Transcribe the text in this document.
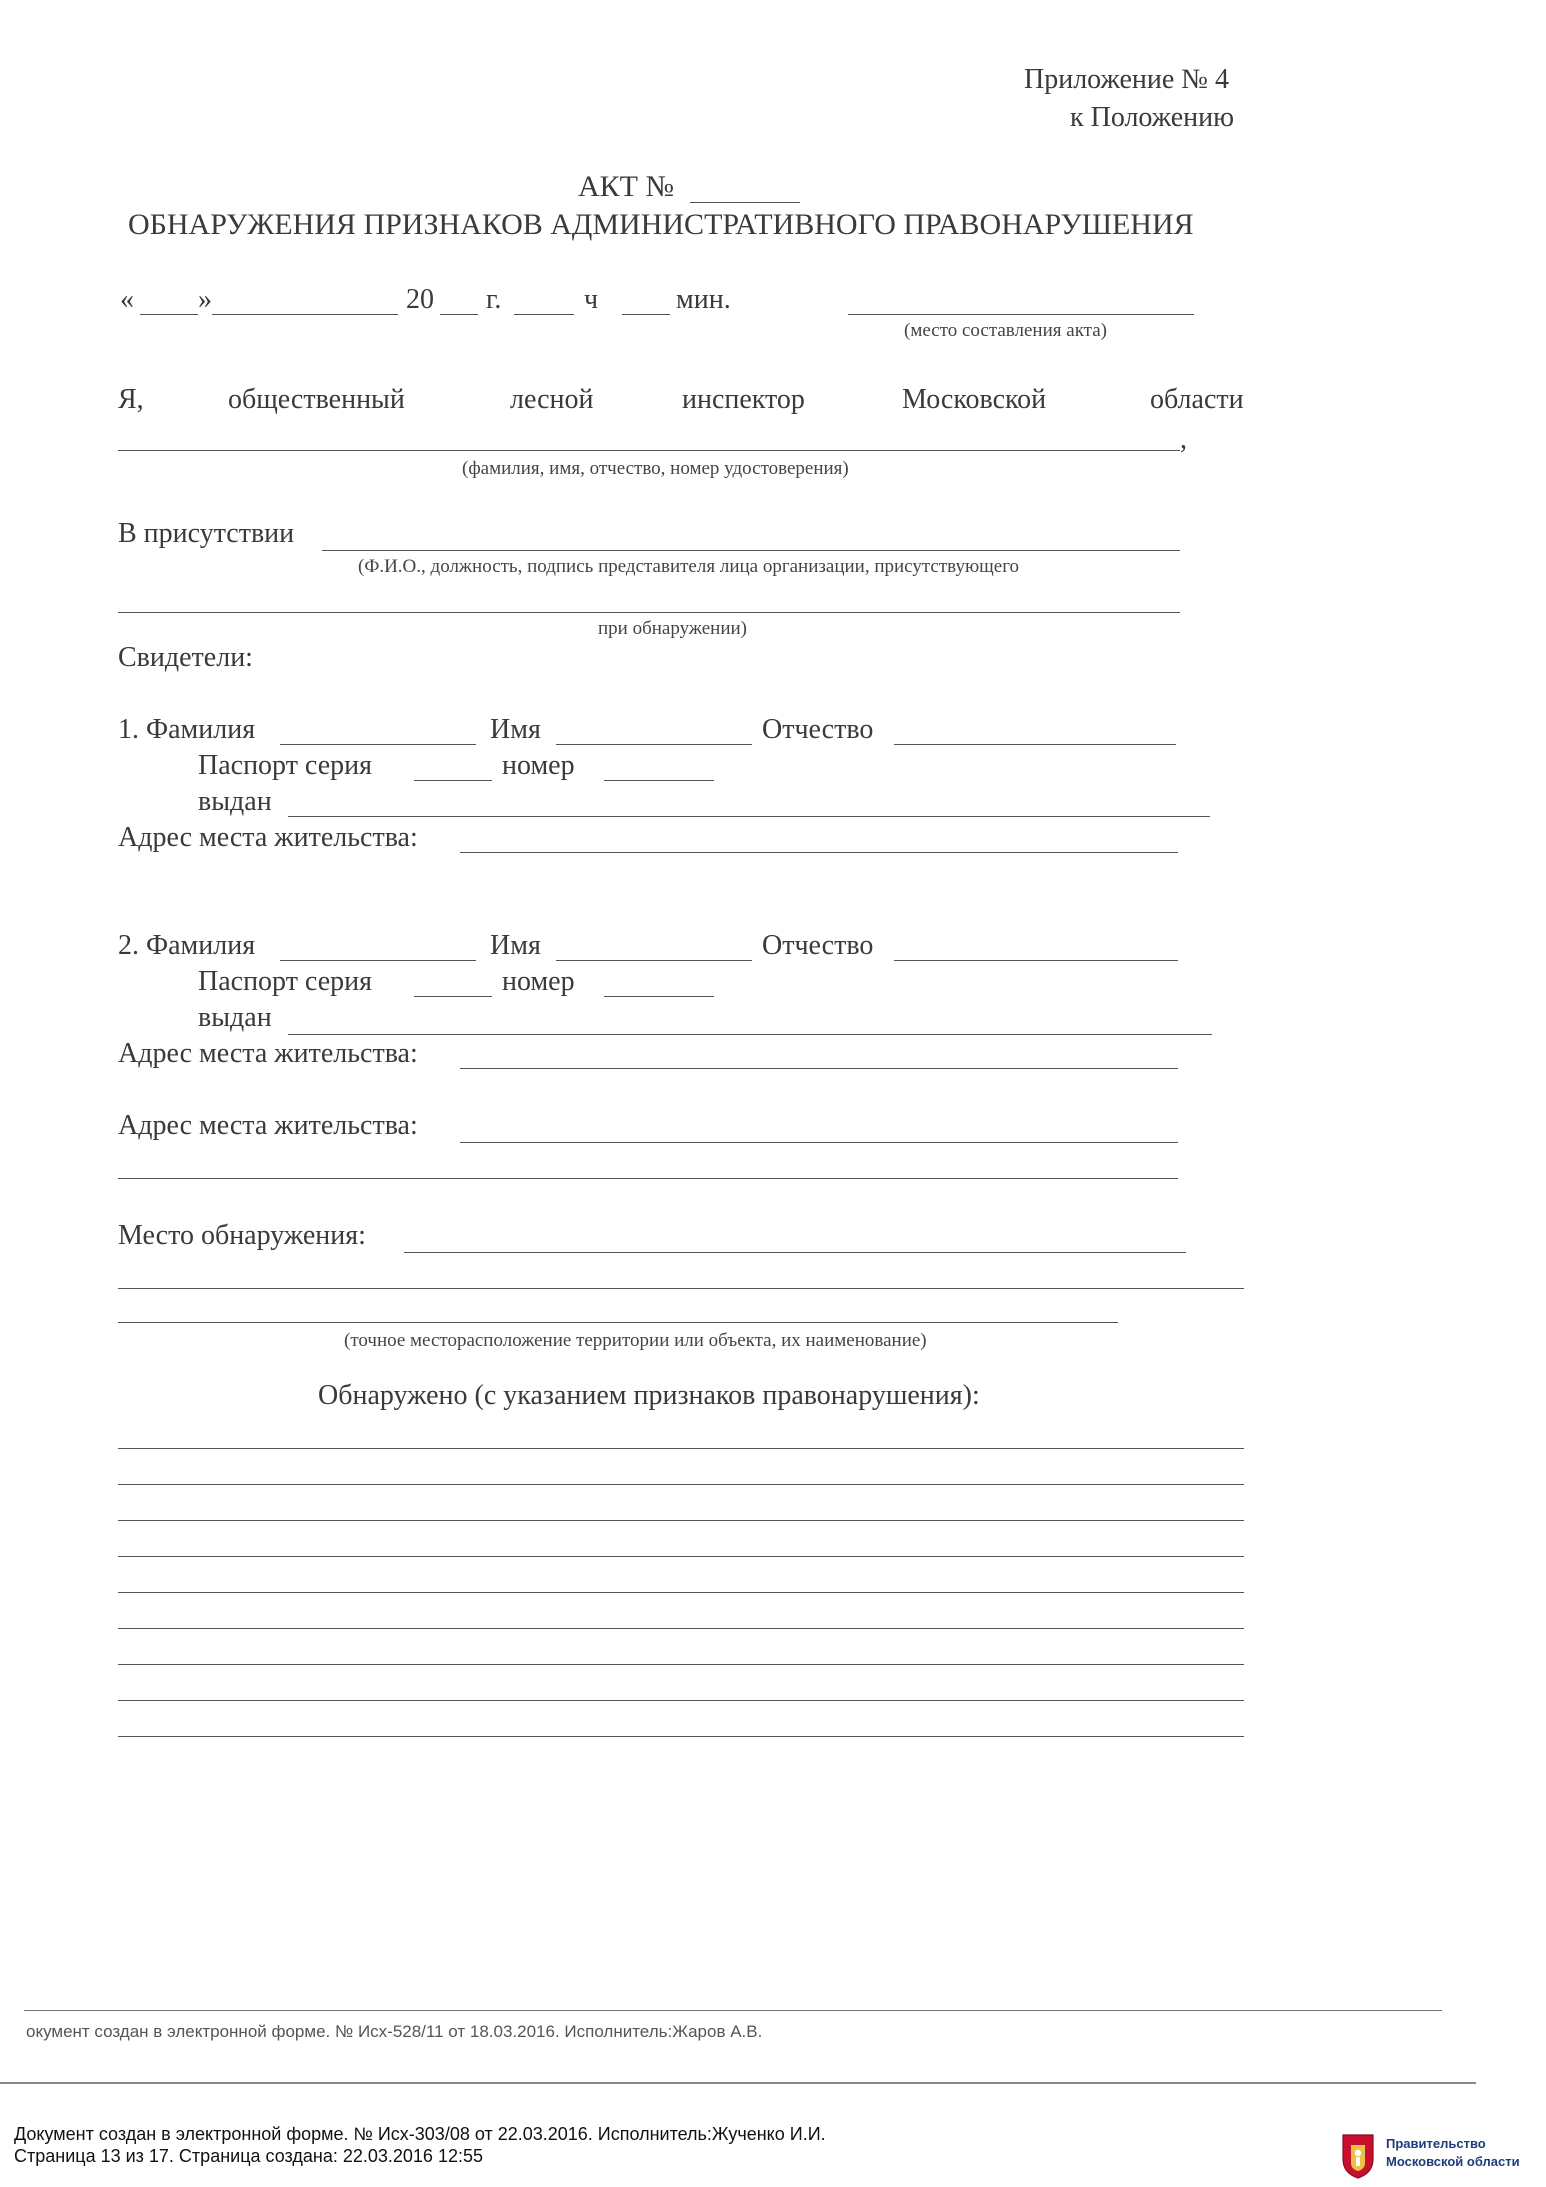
Приложение № 4
к Положению
АКТ №
ОБНАРУЖЕНИЯ ПРИЗНАКОВ АДМИНИСТРАТИВНОГО ПРАВОНАРУШЕНИЯ
« »	20 г.	ч	мин.
(место составления акта)
Я,	общественный	лесной	инспектор	Московской	области
,
(фамилия, имя, отчество, номер удостоверения)
В присутствии
(Ф.И.О., должность, подпись представителя лица организации, присутствующего
при обнаружении)
Свидетели:
1. Фамилия	Имя	Отчество
Паспорт серия	номер
выдан
Адрес места жительства:
2. Фамилия	Имя	Отчество
Паспорт серия	номер
выдан
Адрес места жительства:
Адрес места жительства:
Место обнаружения:
(точное месторасположение территории или объекта, их наименование)
Обнаружено (с указанием признаков правонарушения):
окумент создан в электронной форме. № Исх-528/11 от 18.03.2016. Исполнитель:Жаров А.В.
Документ создан в электронной форме. № Исх-303/08 от 22.03.2016. Исполнитель:Жученко И.И.
Страница 13 из 17. Страница создана: 22.03.2016 12:55
Правительство
Московской области
